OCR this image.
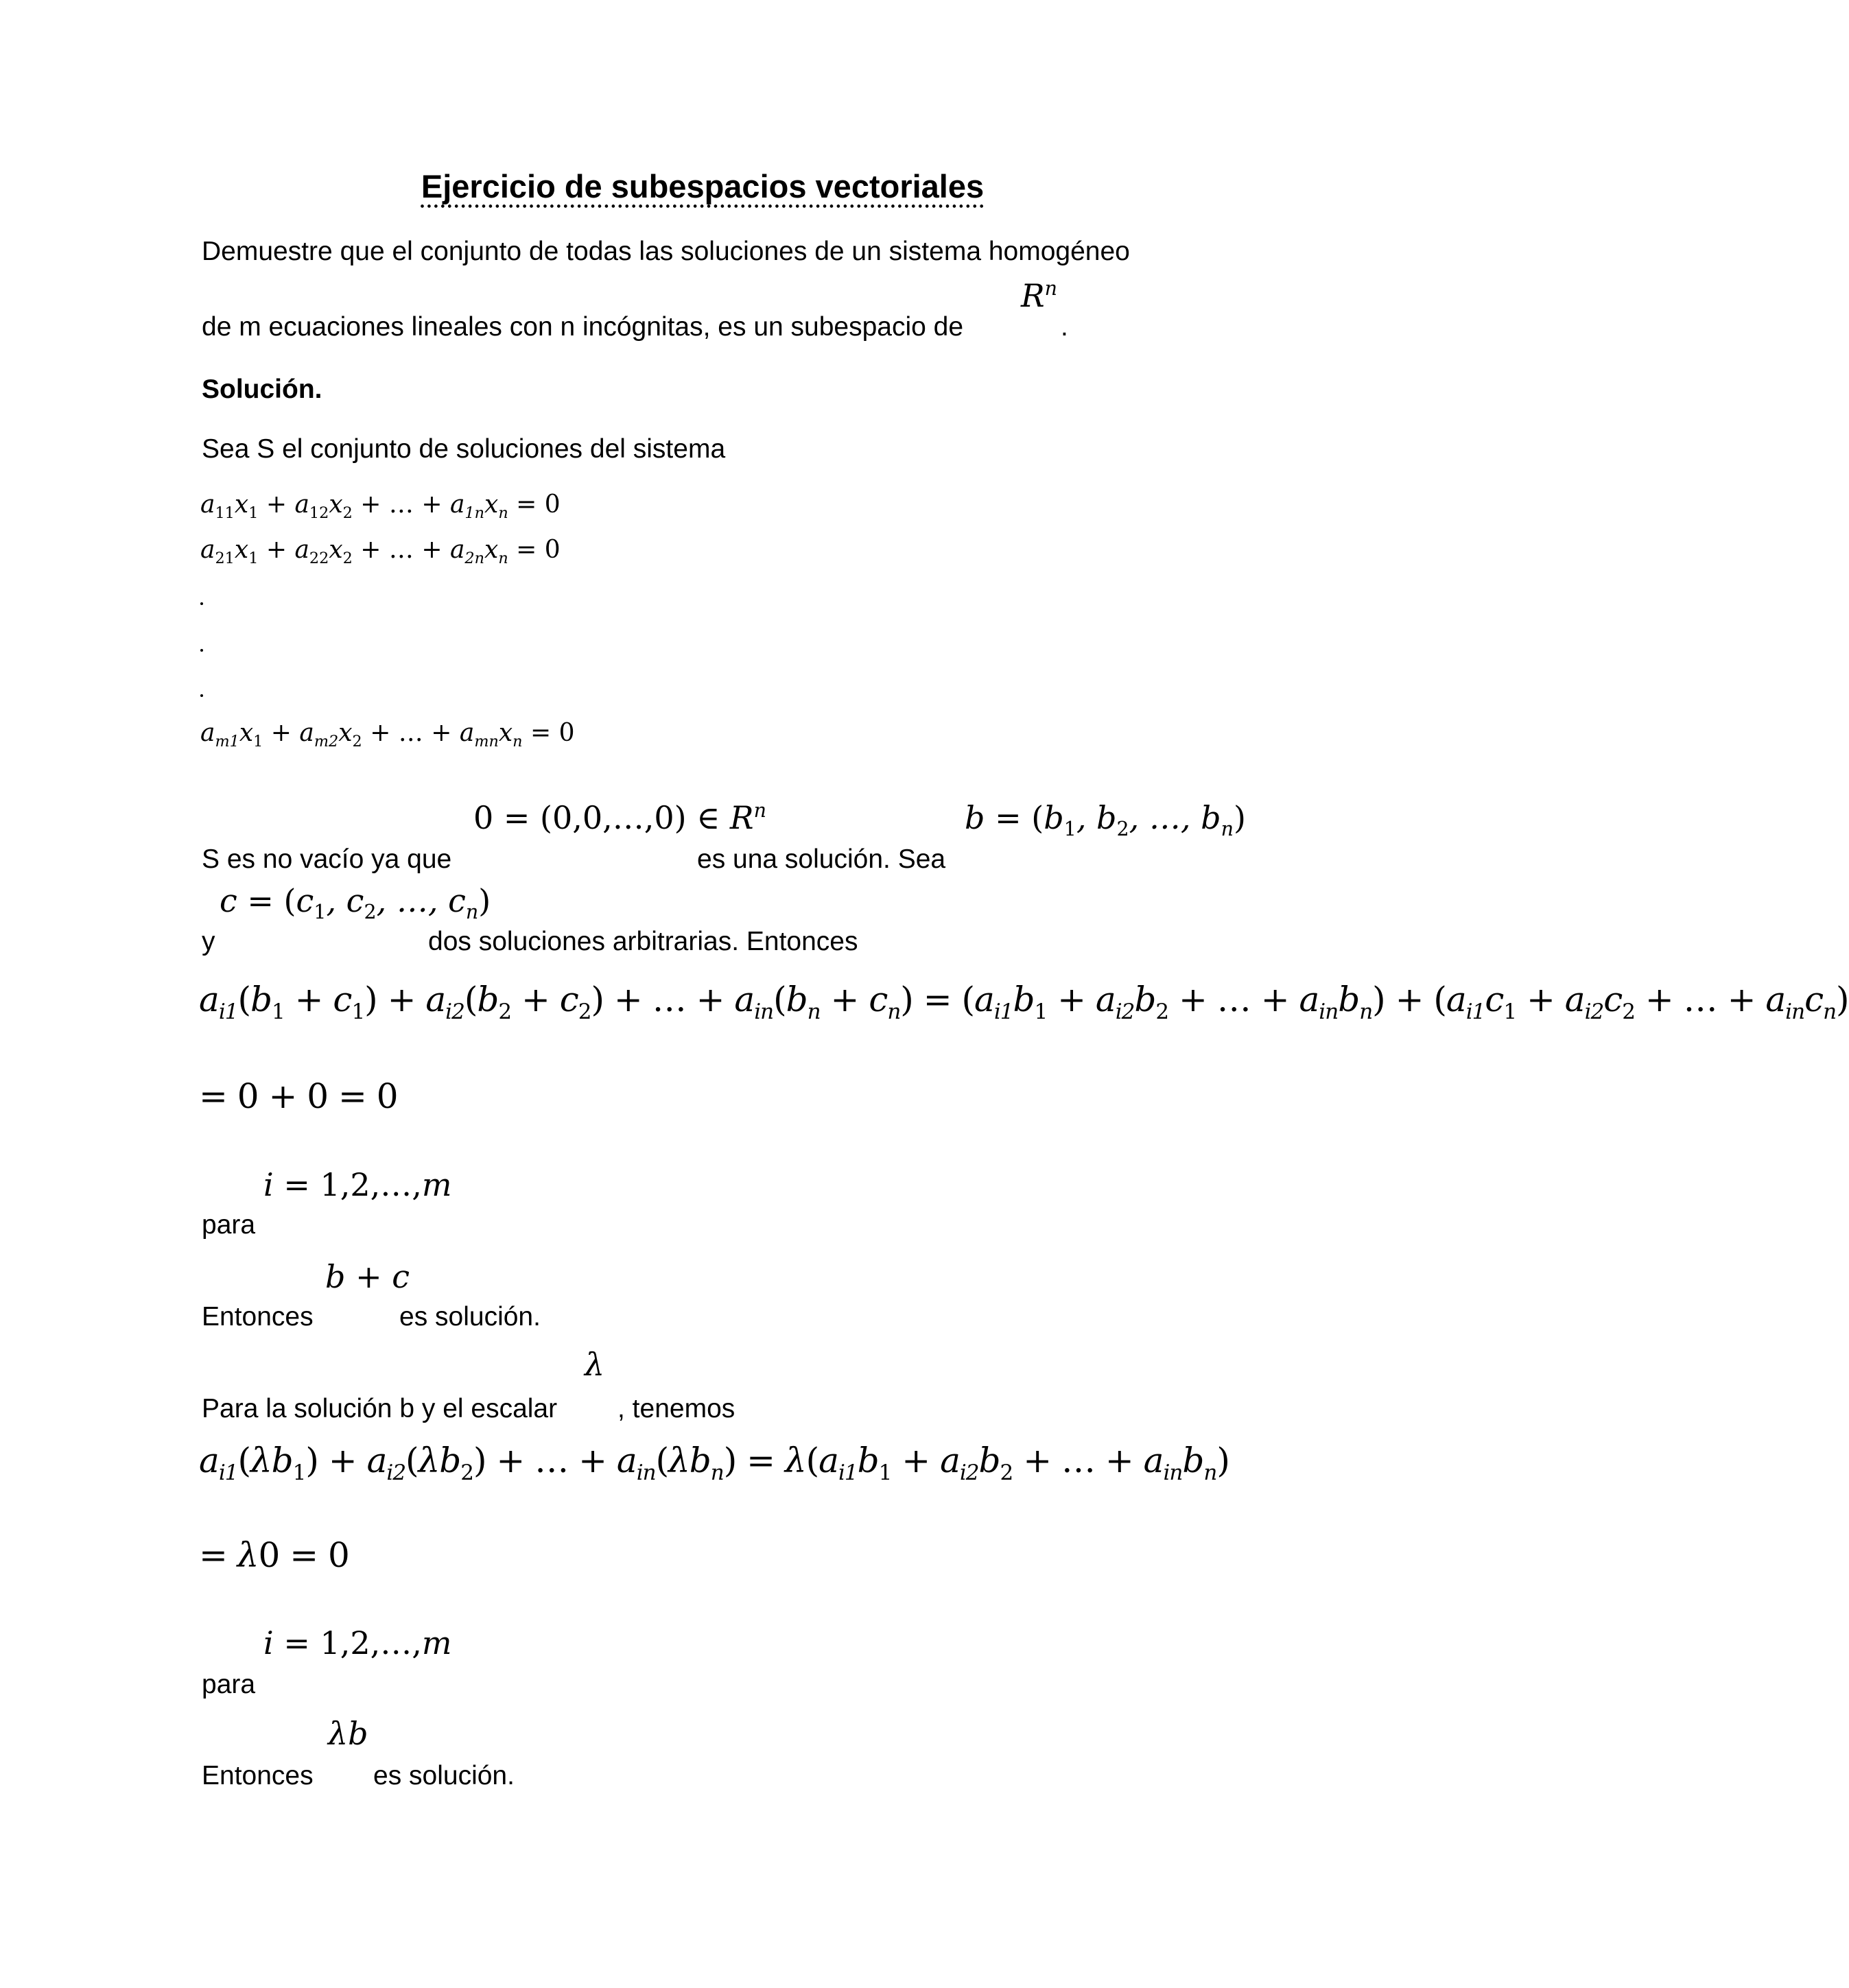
Ejercicio de subespacios vectoriales
Demuestre que el conjunto de todas las soluciones de un sistema homogéneo
$R^n$
de m ecuaciones lineales con n incógnitas, es un subespacio de	.
Solución.
Sea S el conjunto de soluciones del sistema
$a_{11}x_1 + a_{12}x_2$ + … + $a_{1n}x_n = 0$
$a_{21}x_1 + a_{22}x_2$ + … + $a_{2n}x_n = 0$
$a_{m1}x_1 + a_{m2}x_2$ + … + $a_{mn}x_n = 0$
0 = (0,0,…,0) ∈ $R^n$	$b = (b_1$, $b_2$, …, $b_n$)
S es no vacío ya que	es una solución. Sea
$c = (c_1$, $c_2$, …, $c_n$)
y	dos soluciones arbitrarias. Entonces
$a_{i1}(b_1 + c_1) + a_{i2}(b_2 + c_2)$ + … + $a_{in}(b_n + c_n) = (a_{i1}b_1 + a_{i2}b_2$ + … + $a_{in}b_n) + (a_{i1}c_1 + a_{i2}c_2$ + … + $a_{in}c_n$)
= 0 + 0 = 0
i = 1,2,…,m
para
b + c
Entonces	es solución.
λ
Para la solución b y el escalar , tenemos
$a_{i1}(\lambda b_1) + a_{i2}(\lambda b_2)$ + … + $a_{in}(\lambda b_n) = \lambda(a_{i1}b_1 + a_{i2}b_2$ + … + $a_{in}b_n$)
= λ0 = 0
i = 1,2,…,m
para
λb
Entonces es solución.
